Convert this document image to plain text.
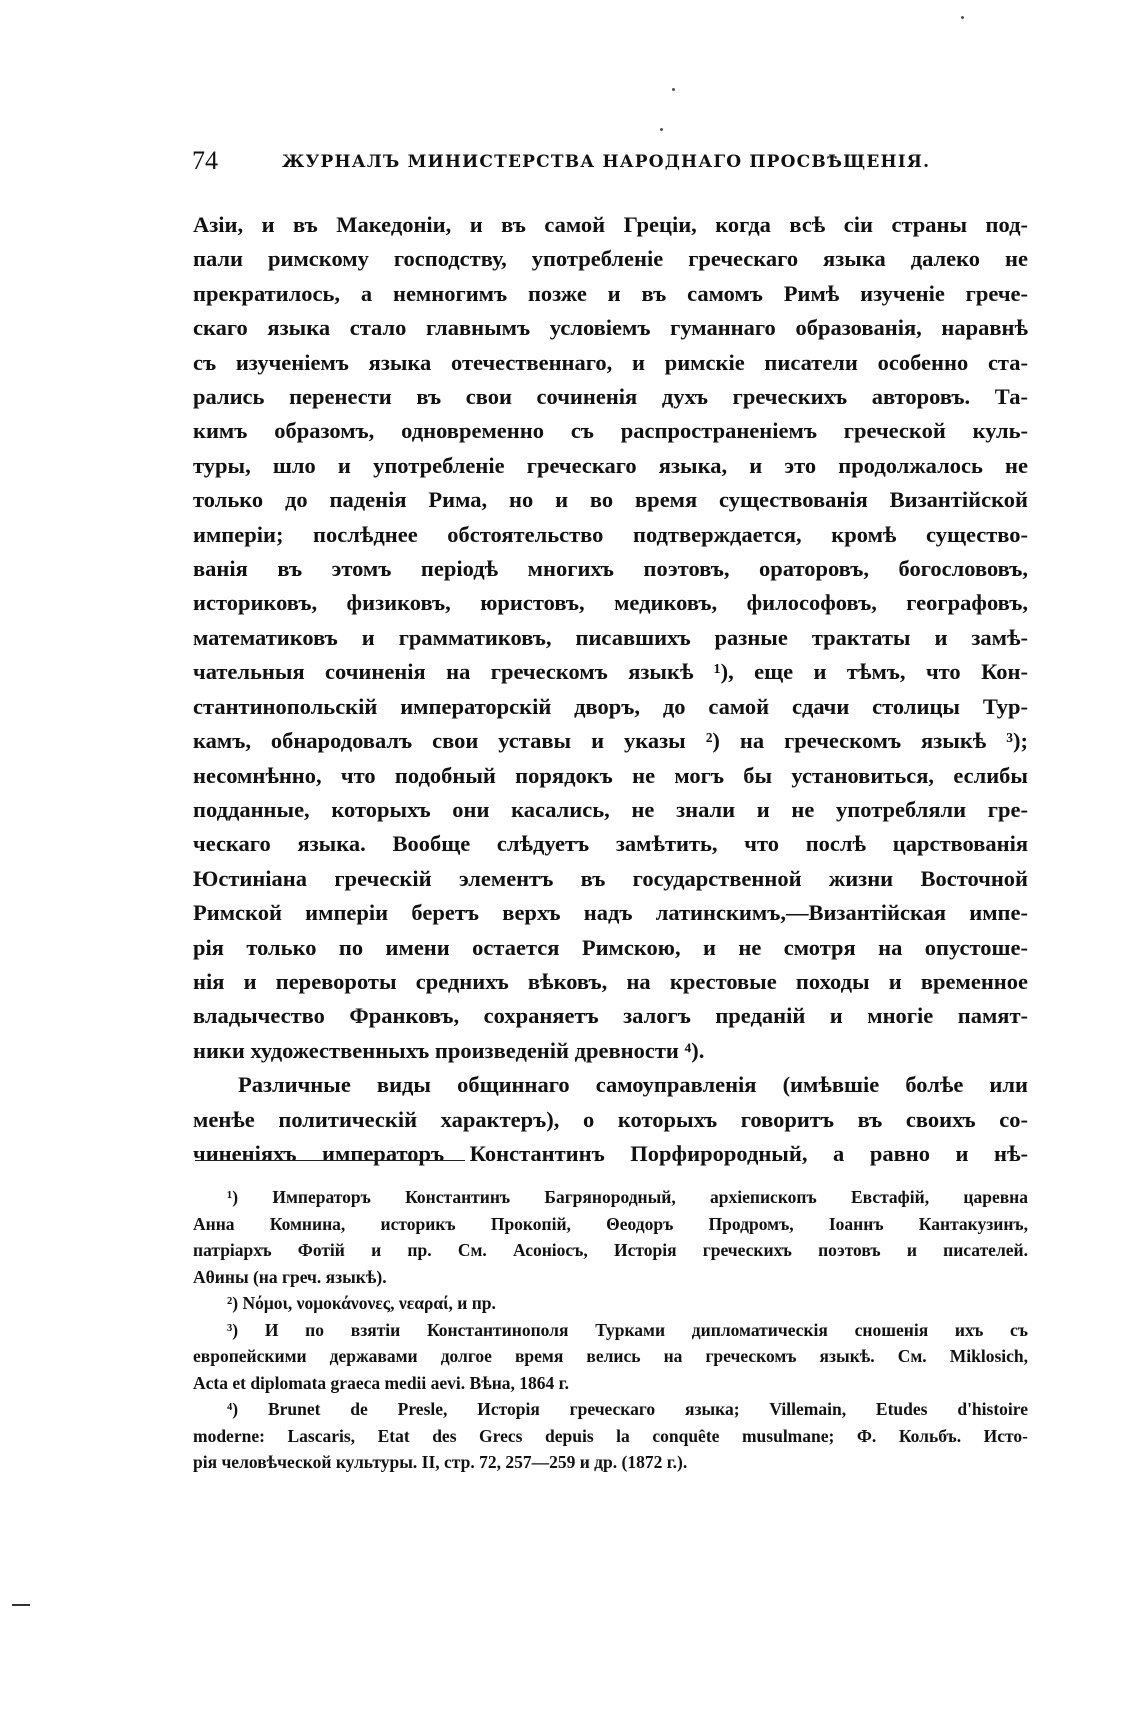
74	ЖУРНАЛЪ МИНИСТЕРСТВА НАРОДНАГО ПРОСВѢЩЕНІЯ.
Азіи, и въ Македоніи, и въ самой Греціи, когда всѣ сіи страны под-
пали римскому господству, употребленіе греческаго языка далеко не
прекратилось, а немногимъ позже и въ самомъ Римѣ изученіе грече-
скаго языка стало главнымъ условіемъ гуманнаго образованія, наравнѣ
съ изученіемъ языка отечественнаго, и римскіе писатели особенно ста-
рались перенести въ свои сочиненія духъ греческихъ авторовъ. Та-
кимъ образомъ, одновременно съ распространеніемъ греческой куль-
туры, шло и употребленіе греческаго языка, и это продолжалось не
только до паденія Рима, но и во время существованія Византійской
имперіи; послѣднее обстоятельство подтверждается, кромѣ существо-
ванія въ этомъ періодѣ многихъ поэтовъ, ораторовъ, богослововъ,
историковъ, физиковъ, юристовъ, медиковъ, философовъ, географовъ,
математиковъ и грамматиковъ, писавшихъ разные трактаты и замѣ-
чательныя сочиненія на греческомъ языкѣ ¹), еще и тѣмъ, что Кон-
стантинопольскій императорскій дворъ, до самой сдачи столицы Тур-
камъ, обнародовалъ свои уставы и указы ²) на греческомъ языкѣ ³);
несомнѣнно, что подобный порядокъ не могъ бы установиться, еслибы
подданные, которыхъ они касались, не знали и не употребляли гре-
ческаго языка. Вообще слѣдуетъ замѣтить, что послѣ царствованія
Юстиніана греческій элементъ въ государственной жизни Восточной
Римской имперіи беретъ верхъ надъ латинскимъ,—Византійская импе-
рія только по имени остается Римскою, и не смотря на опустоше-
нія и перевороты среднихъ вѣковъ, на крестовые походы и временное
владычество Франковъ, сохраняетъ залогъ преданій и многіе памят-
ники художественныхъ произведеній древности ⁴).
Различные виды общиннаго самоуправленія (имѣвшіе болѣе или
менѣе политическій характеръ), о которыхъ говоритъ въ своихъ со-
чиненіяхъ императоръ Константинъ Порфирородный, а равно и нѣ-
¹) Императоръ Константинъ Багрянородный, архіепископъ Евстафій, царевна
Анна Комнина, историкъ Прокопій, Θеодоръ Продромъ, Іоаннъ Кантакузинъ,
патріархъ Фотій и пр. См. Асонiосъ, Исторія греческихъ поэтовъ и писателей.
Аθины (на греч. языкѣ).
²) Νόμοι, νομοκάνονες, νεαραί, и пр.
³) И по взятіи Константинополя Турками дипломатическія сношенія ихъ съ
европейскими державами долгое время велись на греческомъ языкѣ. См. Miklosich,
Acta et diplomata graeca medii aevi. Вѣна, 1864 г.
⁴) Brunet de Presle, Исторія греческаго языка; Villemain, Etudes d'histoire
moderne: Lascaris, Etat des Grecs depuis la conquête musulmane; Ф. Кольбъ. Исто-
рія человѣческой культуры. II, стр. 72, 257—259 и др. (1872 г.).
